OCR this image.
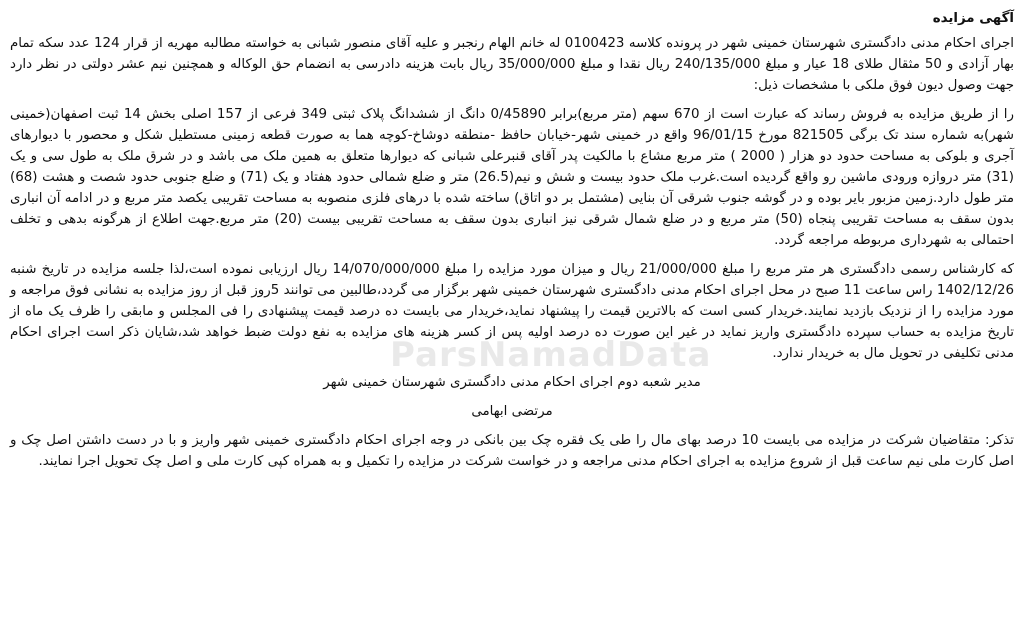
آگهی مزایده

اجرای احکام مدنی دادگستری شهرستان خمینی شهر در پرونده کلاسه 0100423 له خانم الهام رنجبر و علیه آقای منصور شبانی به خواسته مطالبه مهریه از قرار 124 عدد سکه تمام بهار آزادی و 50 مثقال طلای 18 عیار و مبلغ 240/135/000 ریال نقدا و مبلغ 35/000/000 ریال بابت هزینه دادرسی به انضمام حق الوکاله و همچنین نیم عشر دولتی در نظر دارد جهت وصول دیون فوق ملکی با مشخصات ذیل:

را از طریق مزایده به فروش رساند که عبارت است از 670 سهم (متر مربع)برابر 0/45890 دانگ از ششدانگ پلاک ثبتی 349 فرعی از 157 اصلی بخش 14 ثبت اصفهان(خمینی شهر)به شماره سند تک برگی 821505 مورخ 96/01/15 واقع در خمینی شهر-خیابان حافظ -منطقه دوشاخ-کوچه هما به صورت قطعه زمینی مستطیل شکل و محصور با دیوارهای آجری و بلوکی به مساحت حدود دو هزار ( 2000 ) متر مربع مشاع با مالکیت پدر آقای قنبرعلی شبانی که دیوارها متعلق به همین ملک می باشد و در شرق ملک به طول سی و یک (31) متر دروازه ورودی ماشین رو واقع گردیده است.غرب ملک حدود بیست و شش و نیم(26.5) متر و ضلع شمالی حدود هفتاد و یک (71) و ضلع جنوبی حدود شصت و هشت (68) متر طول دارد.زمین مزبور بایر بوده و در گوشه جنوب شرقی آن بنایی (مشتمل بر دو اتاق) ساخته شده با درهای فلزی منصوبه به مساحت تقریبی یکصد متر مربع و در ادامه آن انباری بدون سقف به مساحت تقریبی پنجاه (50) متر مربع و در ضلع شمال شرقی نیز انباری بدون سقف به مساحت تقریبی بیست (20) متر مربع.جهت اطلاع از هرگونه بدهی و تخلف احتمالی به شهرداری مربوطه مراجعه گردد.

که کارشناس رسمی دادگستری هر متر مربع را مبلغ 21/000/000 ریال و میزان مورد مزایده را مبلغ 14/070/000/000 ریال ارزیابی نموده است،لذا جلسه مزایده در تاریخ شنبه 1402/12/26 راس ساعت 11 صبح در محل اجرای احکام مدنی دادگستری شهرستان خمینی شهر برگزار می گردد،طالبین می توانند 5روز قبل از روز مزایده به نشانی فوق مراجعه و مورد مزایده را از نزدیک بازدید نمایند.خریدار کسی است که بالاترین قیمت را پیشنهاد نماید،خریدار می بایست ده درصد قیمت پیشنهادی را فی المجلس و مابقی را ظرف یک ماه از تاریخ مزایده به حساب سپرده دادگستری واریز نماید در غیر این صورت ده درصد اولیه پس از کسر هزینه های مزایده به نفع دولت ضبط خواهد شد،شایان ذکر است اجرای احکام مدنی تکلیفی در تحویل مال به خریدار ندارد.

مدیر شعبه دوم اجرای احکام مدنی دادگستری شهرستان خمینی شهر
مرتضی ابهامی

تذکر: متقاضیان شرکت در مزایده می بایست 10 درصد بهای مال را طی یک فقره چک بین بانکی در وجه اجرای احکام دادگستری خمینی شهر واریز و با در دست داشتن اصل چک و اصل کارت ملی نیم ساعت قبل از شروع مزایده به اجرای احکام مدنی مراجعه و در خواست شرکت در مزایده را تکمیل و به همراه کپی کارت ملی و اصل چک تحویل اجرا نمایند.

ParsNamadData
